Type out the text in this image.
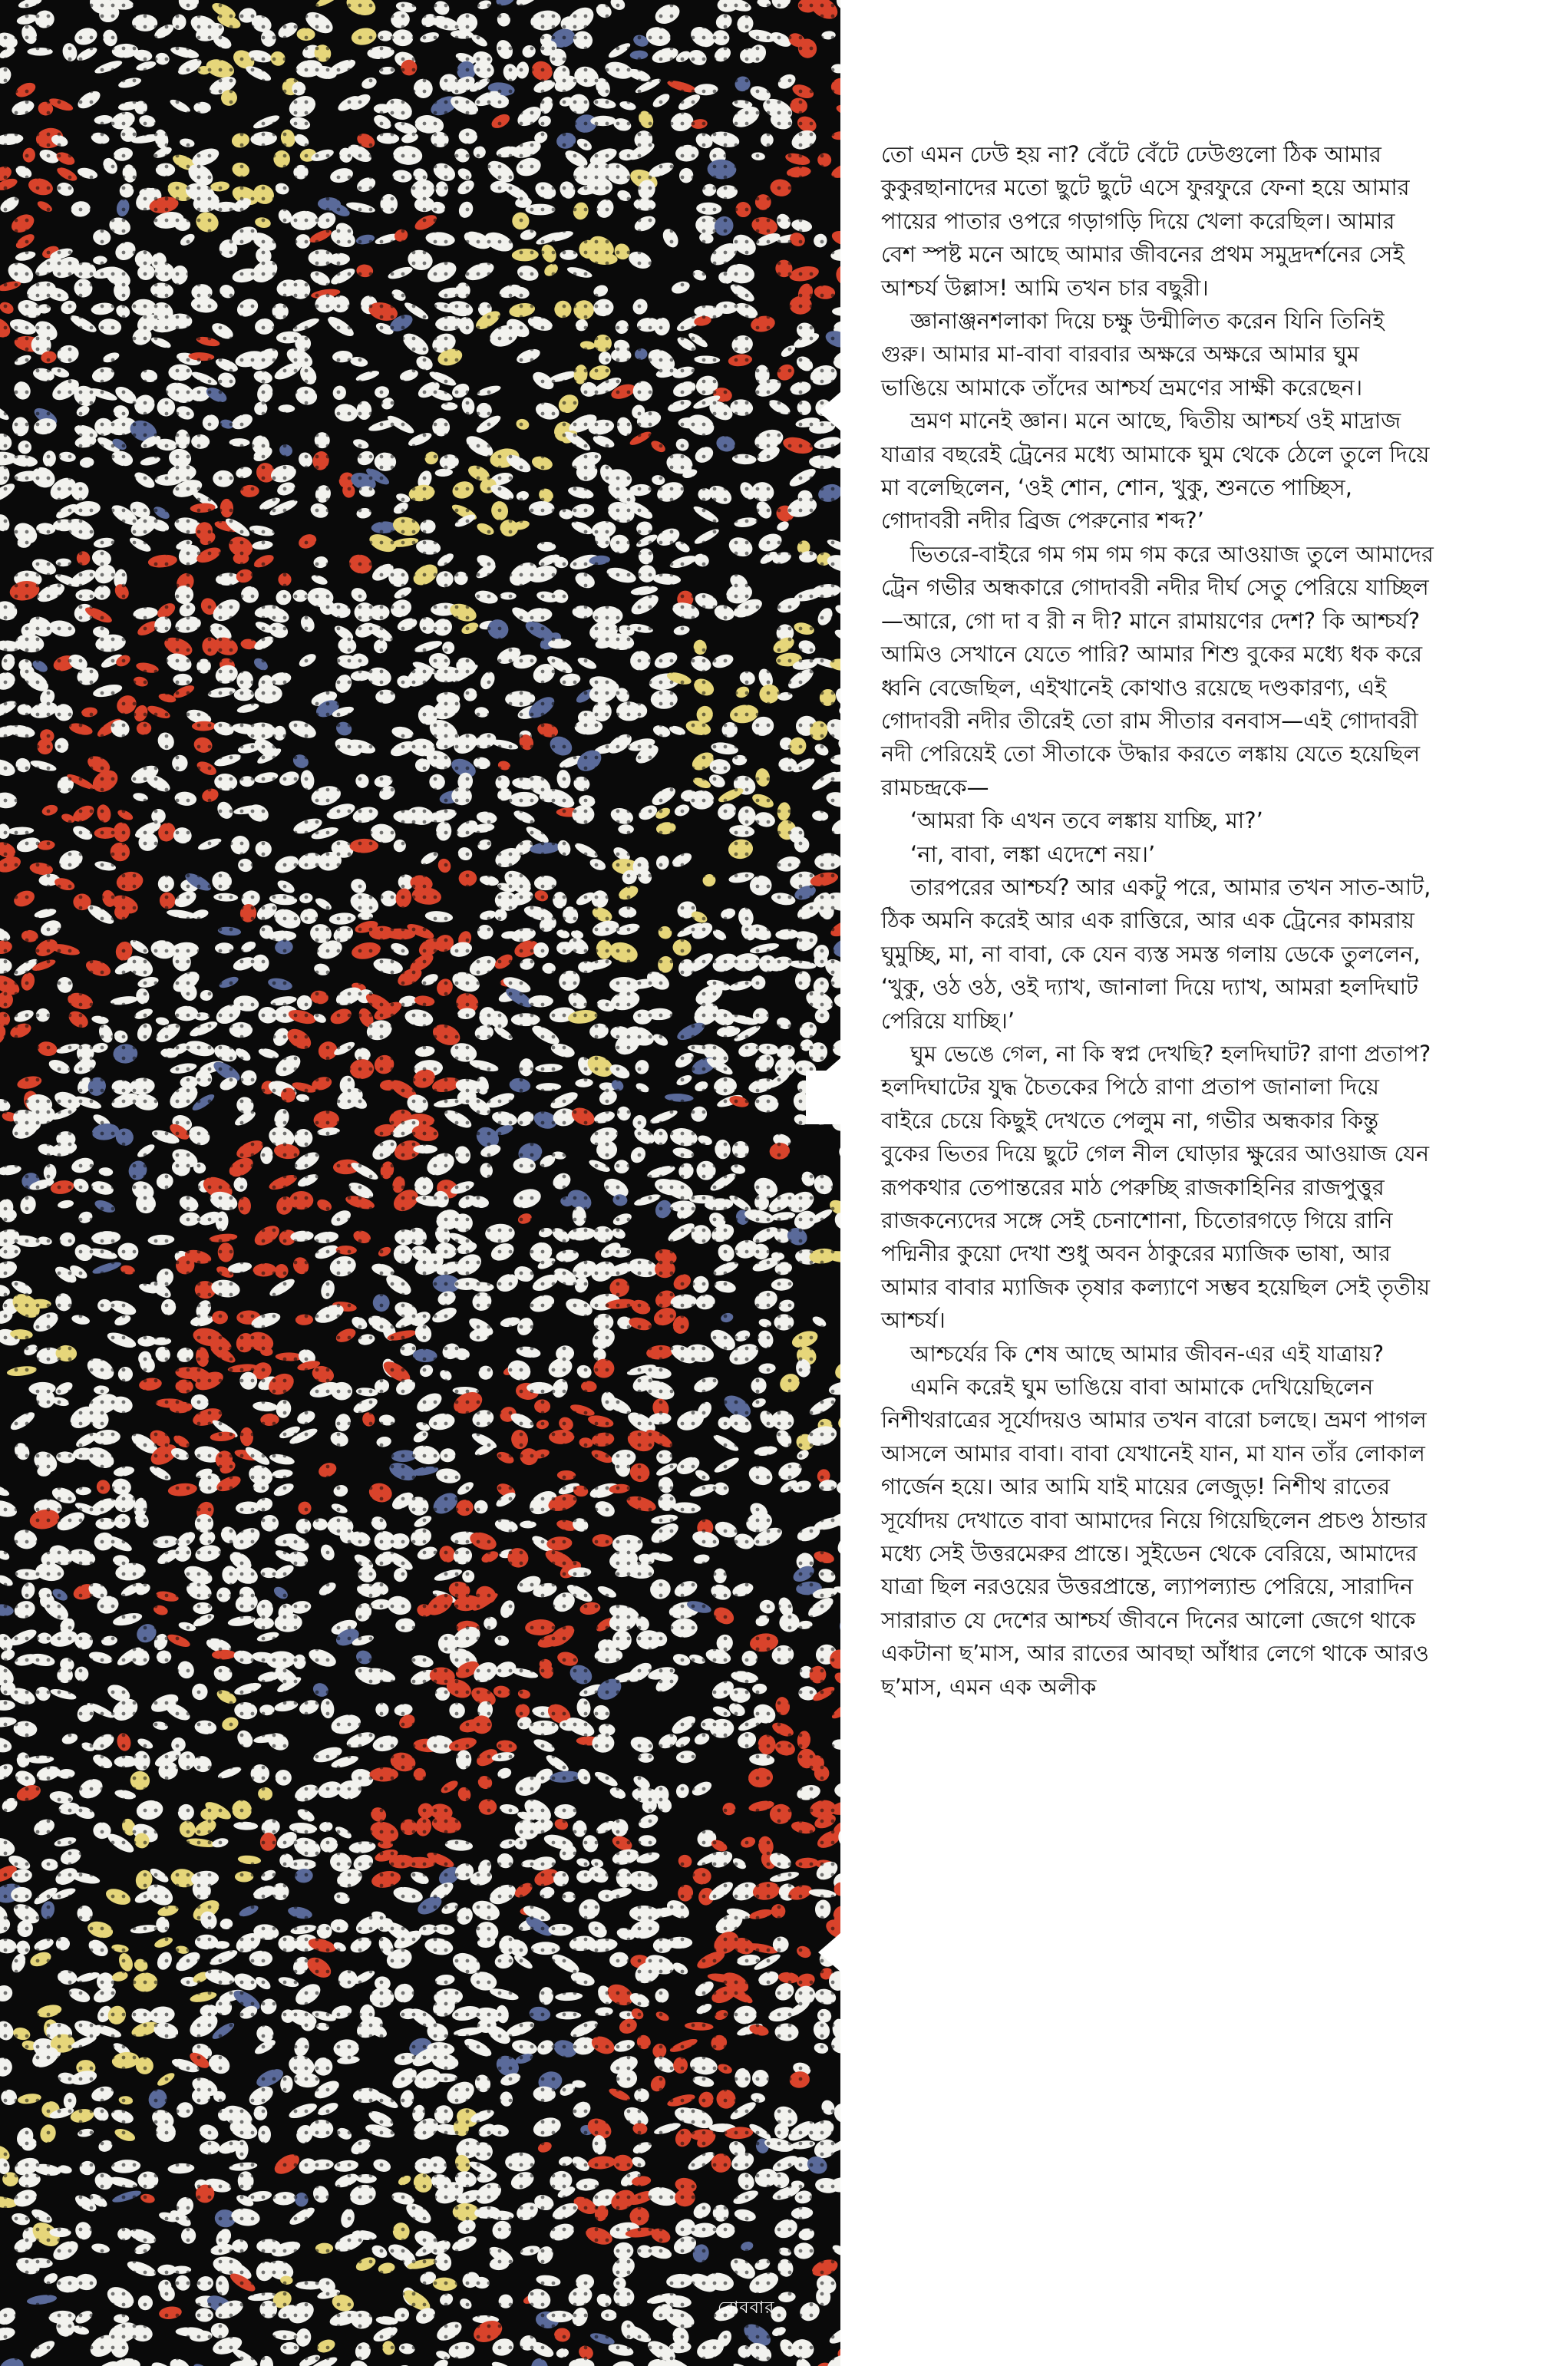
রোববার

তো এমন ঢেউ হয় না? বেঁটে বেঁটে ঢেউগুলো ঠিক আমার কুকুরছানাদের মতো ছুটে ছুটে এসে ফুরফুরে ফেনা হয়ে আমার পায়ের পাতার ওপরে গড়াগড়ি দিয়ে খেলা করেছিল। আমার বেশ স্পষ্ট মনে আছে আমার জীবনের প্রথম সমুদ্রদর্শনের সেই আশ্চর্য উল্লাস! আমি তখন চার বছুরী।

জ্ঞানাঞ্জনশলাকা দিয়ে চক্ষু উন্মীলিত করেন যিনি তিনিই গুরু। আমার মা-বাবা বারবার অক্ষরে অক্ষরে আমার ঘুম ভাঙিয়ে আমাকে তাঁদের আশ্চর্য ভ্রমণের সাক্ষী করেছেন।

ভ্রমণ মানেই জ্ঞান। মনে আছে, দ্বিতীয় আশ্চর্য ওই মাদ্রাজ যাত্রার বছরেই ট্রেনের মধ্যে আমাকে ঘুম থেকে ঠেলে তুলে দিয়ে মা বলেছিলেন, ‘ওই শোন, শোন, খুকু, শুনতে পাচ্ছিস, গোদাবরী নদীর ব্রিজ পেরুনোর শব্দ?’

ভিতরে-বাইরে গম গম গম গম করে আওয়াজ তুলে আমাদের ট্রেন গভীর অন্ধকারে গোদাবরী নদীর দীর্ঘ সেতু পেরিয়ে যাচ্ছিল—আরে, গো দা ব রী ন দী? মানে রামায়ণের দেশ? কি আশ্চর্য? আমিও সেখানে যেতে পারি? আমার শিশু বুকের মধ্যে ধক করে ধ্বনি বেজেছিল, এইখানেই কোথাও রয়েছে দণ্ডকারণ্য, এই গোদাবরী নদীর তীরেই তো রাম সীতার বনবাস—এই গোদাবরী নদী পেরিয়েই তো সীতাকে উদ্ধার করতে লঙ্কায় যেতে হয়েছিল রামচন্দ্রকে—

‘আমরা কি এখন তবে লঙ্কায় যাচ্ছি, মা?’

‘না, বাবা, লঙ্কা এদেশে নয়।’

তারপরের আশ্চর্য? আর একটু পরে, আমার তখন সাত-আট, ঠিক অমনি করেই আর এক রাত্তিরে, আর এক ট্রেনের কামরায় ঘুমুচ্ছি, মা, না বাবা, কে যেন ব্যস্ত সমস্ত গলায় ডেকে তুললেন, ‘খুকু, ওঠ ওঠ, ওই দ্যাখ, জানালা দিয়ে দ্যাখ, আমরা হলদিঘাট পেরিয়ে যাচ্ছি।’

ঘুম ভেঙে গেল, না কি স্বপ্ন দেখছি? হলদিঘাট? রাণা প্রতাপ? হলদিঘাটের যুদ্ধ চৈতকের পিঠে রাণা প্রতাপ জানালা দিয়ে বাইরে চেয়ে কিছুই দেখতে পেলুম না, গভীর অন্ধকার কিন্তু বুকের ভিতর দিয়ে ছুটে গেল নীল ঘোড়ার ক্ষুরের আওয়াজ যেন রূপকথার তেপান্তরের মাঠ পেরুচ্ছি রাজকাহিনির রাজপুত্তুর রাজকন্যেদের সঙ্গে সেই চেনাশোনা, চিতোরগড়ে গিয়ে রানি পদ্মিনীর কুয়ো দেখা শুধু অবন ঠাকুরের ম্যাজিক ভাষা, আর আমার বাবার ম্যাজিক তৃষার কল্যাণে সম্ভব হয়েছিল সেই তৃতীয় আশ্চর্য।

আশ্চর্যের কি শেষ আছে আমার জীবন-এর এই যাত্রায়?

এমনি করেই ঘুম ভাঙিয়ে বাবা আমাকে দেখিয়েছিলেন নিশীথরাত্রের সূর্যোদয়ও আমার তখন বারো চলছে। ভ্রমণ পাগল আসলে আমার বাবা। বাবা যেখানেই যান, মা যান তাঁর লোকাল গার্জেন হয়ে। আর আমি যাই মায়ের লেজুড়! নিশীথ রাতের সূর্যোদয় দেখাতে বাবা আমাদের নিয়ে গিয়েছিলেন প্রচণ্ড ঠান্ডার মধ্যে সেই উত্তরমেরুর প্রান্তে। সুইডেন থেকে বেরিয়ে, আমাদের যাত্রা ছিল নরওয়ের উত্তরপ্রান্তে, ল্যাপল্যান্ড পেরিয়ে, সারাদিন সারারাত যে দেশের আশ্চর্য জীবনে দিনের আলো জেগে থাকে একটানা ছ’মাস, আর রাতের আবছা আঁধার লেগে থাকে আরও ছ’মাস, এমন এক অলীক
